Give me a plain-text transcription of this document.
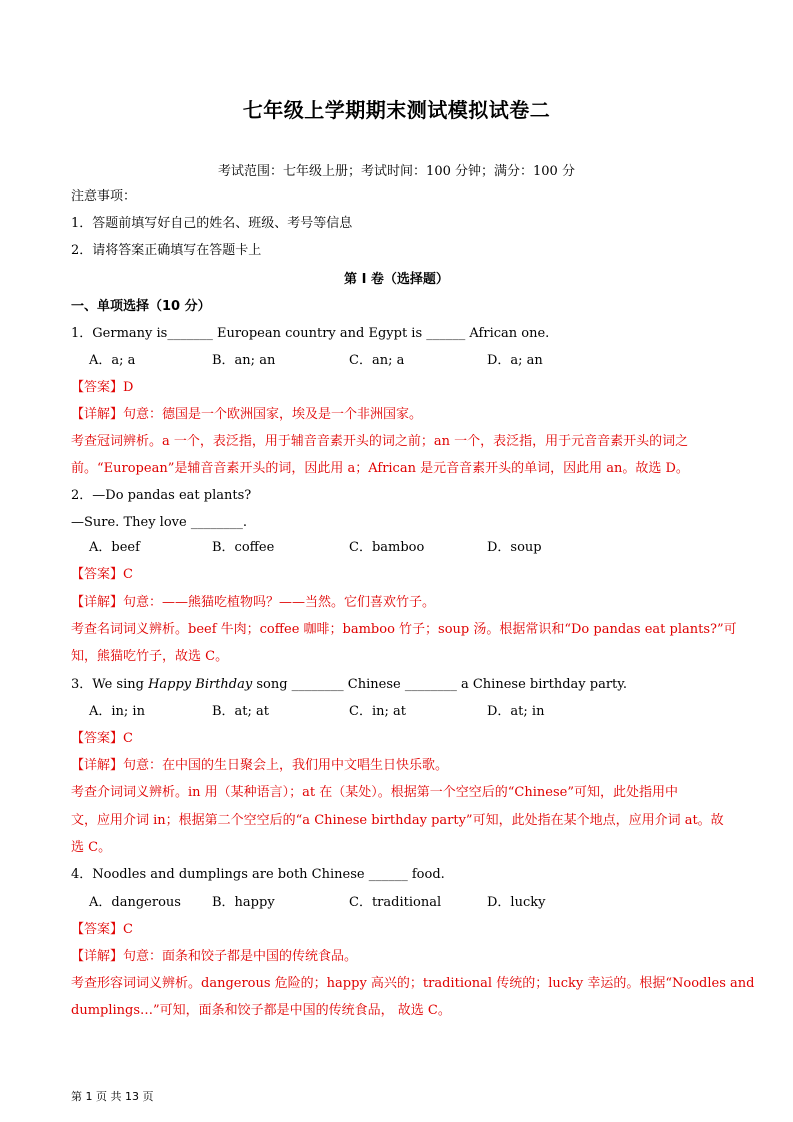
七年级上学期期末测试模拟试卷二
考试范围：七年级上册；考试时间：100 分钟；满分：100 分
注意事项：
1．答题前填写好自己的姓名、班级、考号等信息
2．请将答案正确填写在答题卡上
第 I 卷（选择题）
一、单项选择（10 分）
1．Germany is_______ European country and Egypt is ______ African one.
A．a; a	B．an; an	C．an; a	D．a; an
【答案】D
【详解】句意：德国是一个欧洲国家，埃及是一个非洲国家。
考查冠词辨析。a 一个，表泛指，用于辅音音素开头的词之前；an 一个，表泛指，用于元音音素开头的词之
前。“European”是辅音音素开头的词，因此用 a；African 是元音音素开头的单词，因此用 an。故选 D。
2．—Do pandas eat plants?
—Sure. They love ________.
A．beef	B．coffee	C．bamboo	D．soup
【答案】C
【详解】句意：——熊猫吃植物吗？——当然。它们喜欢竹子。
考查名词词义辨析。beef 牛肉；coffee 咖啡；bamboo 竹子；soup 汤。根据常识和“Do pandas eat plants?”可
知，熊猫吃竹子，故选 C。
3．We sing Happy Birthday song ________ Chinese ________ a Chinese birthday party.
A．in; in	B．at; at	C．in; at	D．at; in
【答案】C
【详解】句意：在中国的生日聚会上，我们用中文唱生日快乐歌。
考查介词词义辨析。in 用（某种语言）；at 在（某处）。根据第一个空空后的“Chinese”可知，此处指用中
文，应用介词 in；根据第二个空空后的“a Chinese birthday party”可知，此处指在某个地点，应用介词 at。故
选 C。
4．Noodles and dumplings are both Chinese ______ food.
A．dangerous B．happy	C．traditional	D．lucky
【答案】C
【详解】句意：面条和饺子都是中国的传统食品。
考查形容词词义辨析。dangerous 危险的；happy 高兴的；traditional 传统的；lucky 幸运的。根据“Noodles and
dumplings…”可知，面条和饺子都是中国的传统食品， 故选 C。
第 1 页 共 13 页
